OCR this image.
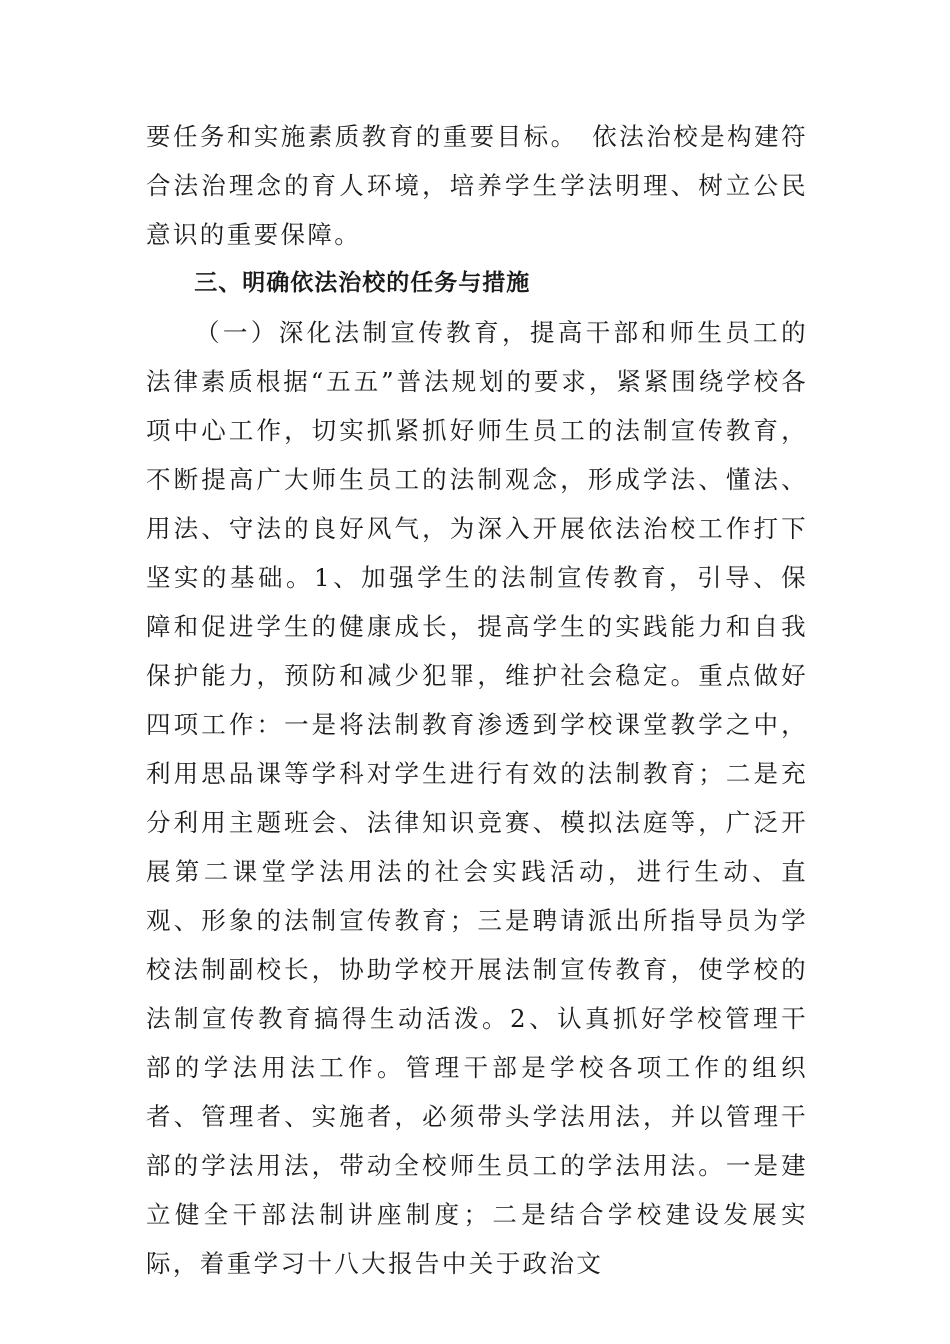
要任务和实施素质教育的重要目标。　依法治校是构建符合法治理念的育人环境，培养学生学法明理、树立公民意识的重要保障。

三、明确依法治校的任务与措施

（一）深化法制宣传教育，提高干部和师生员工的法律素质根据“五五”普法规划的要求，紧紧围绕学校各项中心工作，切实抓紧抓好师生员工的法制宣传教育，不断提高广大师生员工的法制观念，形成学法、懂法、用法、守法的良好风气，为深入开展依法治校工作打下坚实的基础。1、加强学生的法制宣传教育，引导、保障和促进学生的健康成长，提高学生的实践能力和自我保护能力，预防和减少犯罪，维护社会稳定。重点做好四项工作：一是将法制教育渗透到学校课堂教学之中，利用思品课等学科对学生进行有效的法制教育；二是充分利用主题班会、法律知识竞赛、模拟法庭等，广泛开展第二课堂学法用法的社会实践活动，进行生动、直观、形象的法制宣传教育；三是聘请派出所指导员为学校法制副校长，协助学校开展法制宣传教育，使学校的法制宣传教育搞得生动活泼。2、认真抓好学校管理干部的学法用法工作。管理干部是学校各项工作的组织者、管理者、实施者，必须带头学法用法，并以管理干部的学法用法，带动全校师生员工的学法用法。一是建立健全干部法制讲座制度；二是结合学校建设发展实际，着重学习十八大报告中关于政治文
